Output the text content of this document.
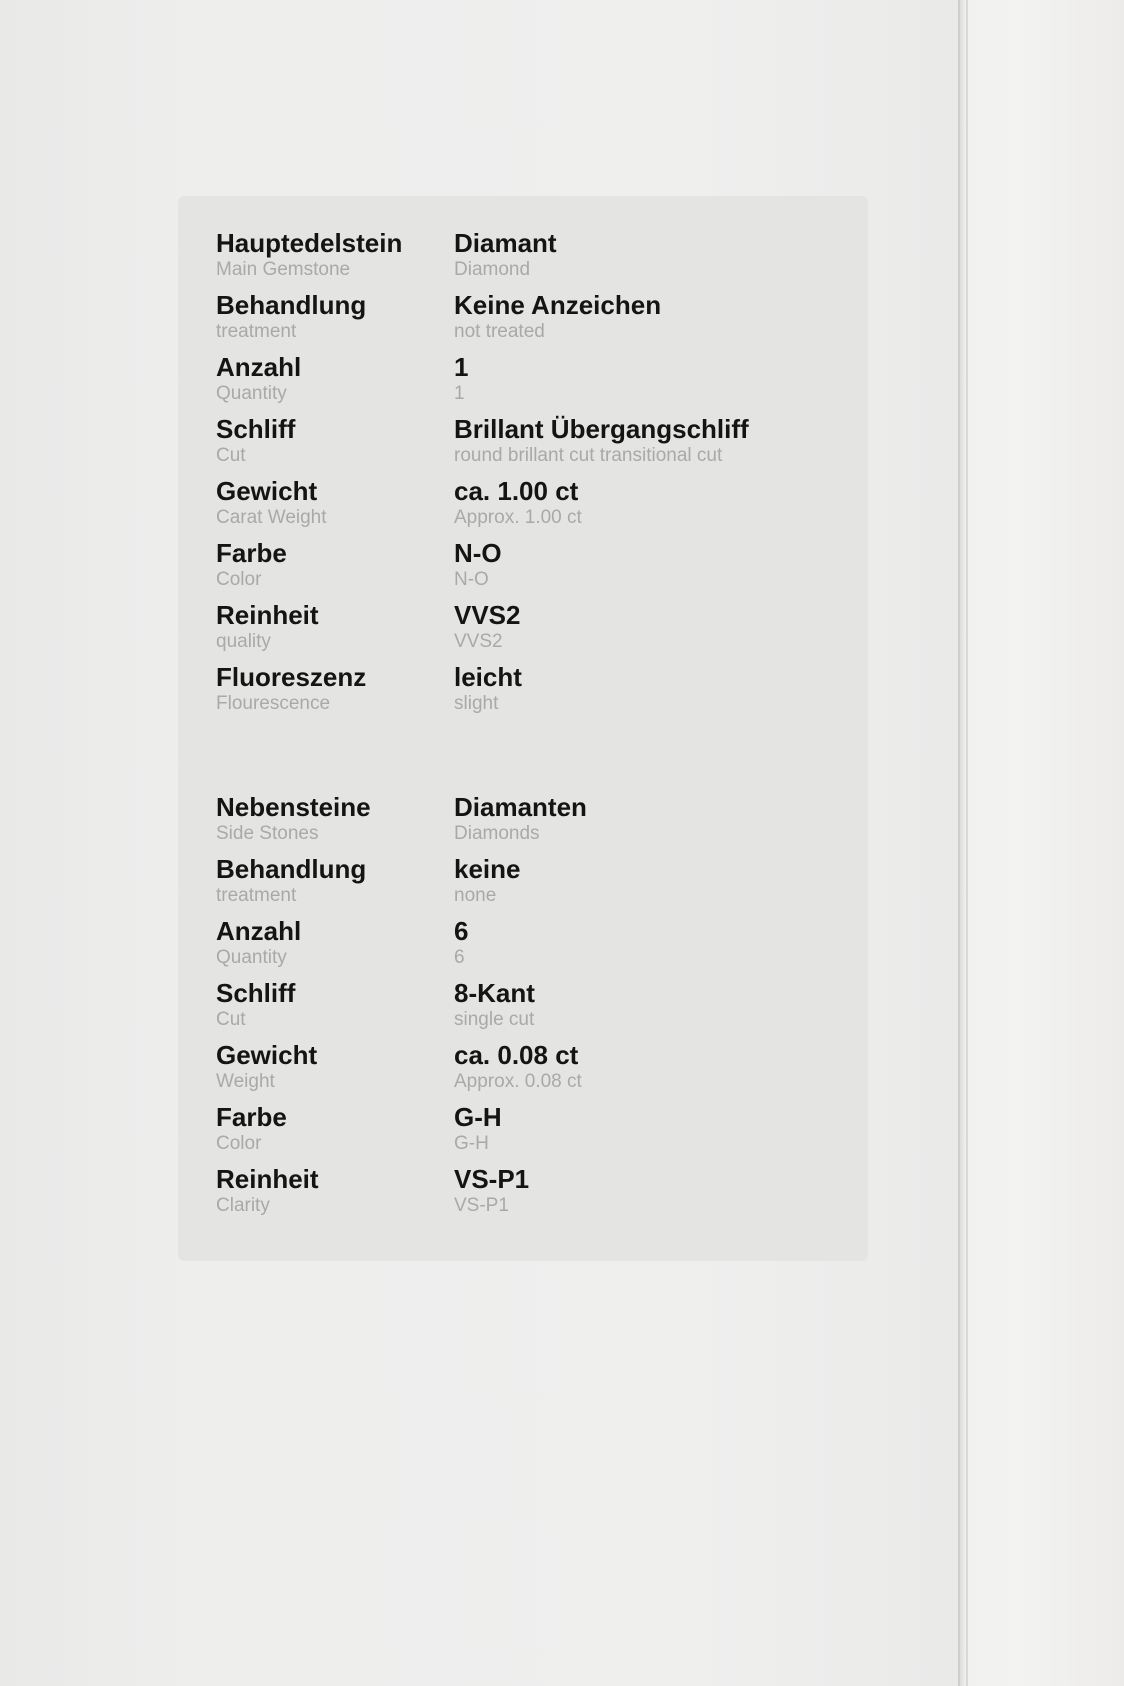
Hauptedelstein
Main Gemstone
Diamant
Diamond
Behandlung
treatment
Keine Anzeichen
not treated
Anzahl
Quantity
1
1
Schliff
Cut
Brillant Übergangschliff
round brillant cut transitional cut
Gewicht
Carat Weight
ca. 1.00 ct
Approx. 1.00 ct
Farbe
Color
N-O
N-O
Reinheit
quality
VVS2
VVS2
Fluoreszenz
Flourescence
leicht
slight
Nebensteine
Side Stones
Diamanten
Diamonds
Behandlung
treatment
keine
none
Anzahl
Quantity
6
6
Schliff
Cut
8-Kant
single cut
Gewicht
Weight
ca. 0.08 ct
Approx. 0.08 ct
Farbe
Color
G-H
G-H
Reinheit
Clarity
VS-P1
VS-P1
